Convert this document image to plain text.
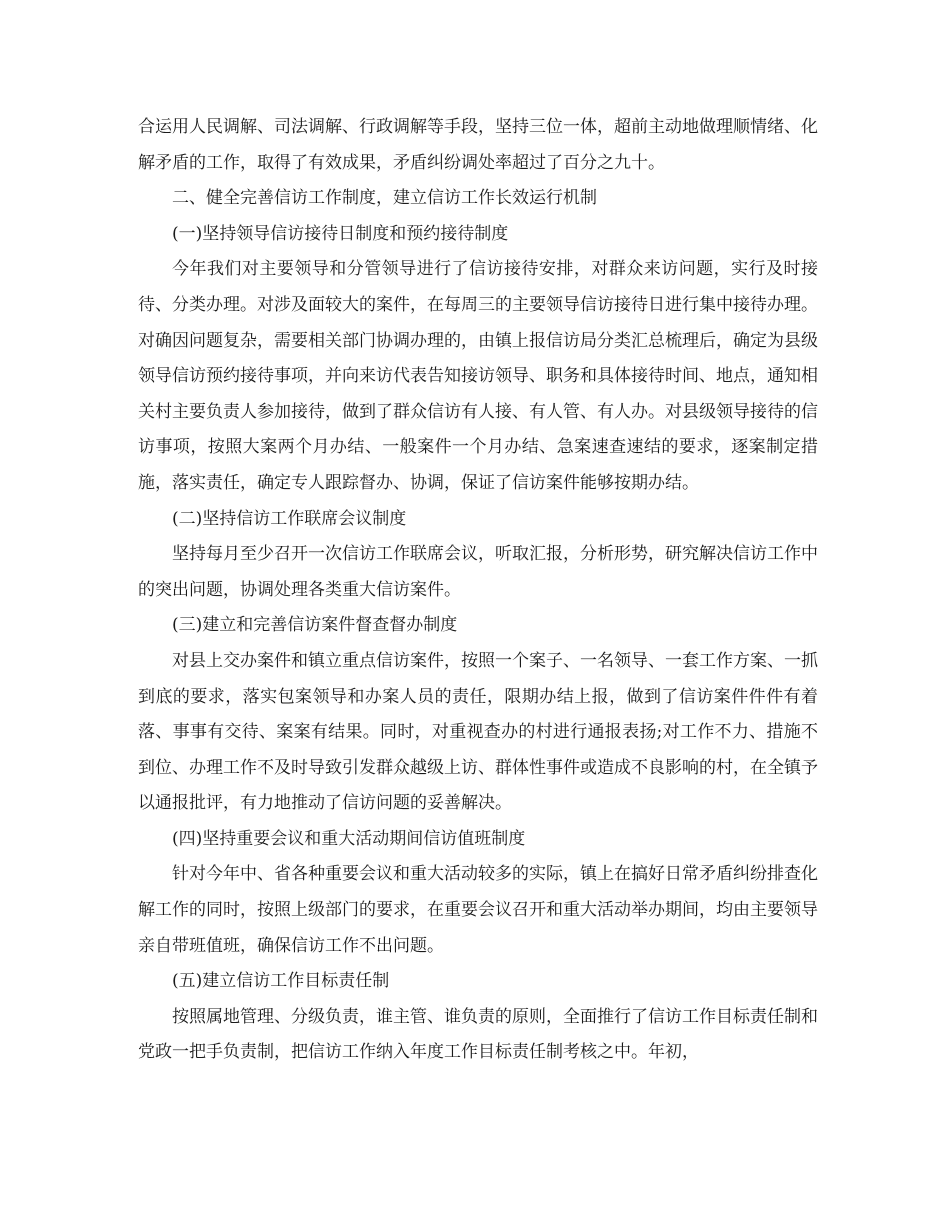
合运用人民调解、司法调解、行政调解等手段，坚持三位一体，超前主动地做理顺情绪、化解矛盾的工作，取得了有效成果，矛盾纠纷调处率超过了百分之九十。

二、健全完善信访工作制度，建立信访工作长效运行机制

(一)坚持领导信访接待日制度和预约接待制度

今年我们对主要领导和分管领导进行了信访接待安排，对群众来访问题，实行及时接待、分类办理。对涉及面较大的案件，在每周三的主要领导信访接待日进行集中接待办理。对确因问题复杂，需要相关部门协调办理的，由镇上报信访局分类汇总梳理后，确定为县级领导信访预约接待事项，并向来访代表告知接访领导、职务和具体接待时间、地点，通知相关村主要负责人参加接待，做到了群众信访有人接、有人管、有人办。对县级领导接待的信访事项，按照大案两个月办结、一般案件一个月办结、急案速查速结的要求，逐案制定措施，落实责任，确定专人跟踪督办、协调，保证了信访案件能够按期办结。

(二)坚持信访工作联席会议制度

坚持每月至少召开一次信访工作联席会议，听取汇报，分析形势，研究解决信访工作中的突出问题，协调处理各类重大信访案件。

(三)建立和完善信访案件督查督办制度

对县上交办案件和镇立重点信访案件，按照一个案子、一名领导、一套工作方案、一抓到底的要求，落实包案领导和办案人员的责任，限期办结上报，做到了信访案件件件有着落、事事有交待、案案有结果。同时，对重视查办的村进行通报表扬;对工作不力、措施不到位、办理工作不及时导致引发群众越级上访、群体性事件或造成不良影响的村，在全镇予以通报批评，有力地推动了信访问题的妥善解决。

(四)坚持重要会议和重大活动期间信访值班制度

针对今年中、省各种重要会议和重大活动较多的实际，镇上在搞好日常矛盾纠纷排查化解工作的同时，按照上级部门的要求，在重要会议召开和重大活动举办期间，均由主要领导亲自带班值班，确保信访工作不出问题。

(五)建立信访工作目标责任制

按照属地管理、分级负责，谁主管、谁负责的原则，全面推行了信访工作目标责任制和党政一把手负责制，把信访工作纳入年度工作目标责任制考核之中。年初，
